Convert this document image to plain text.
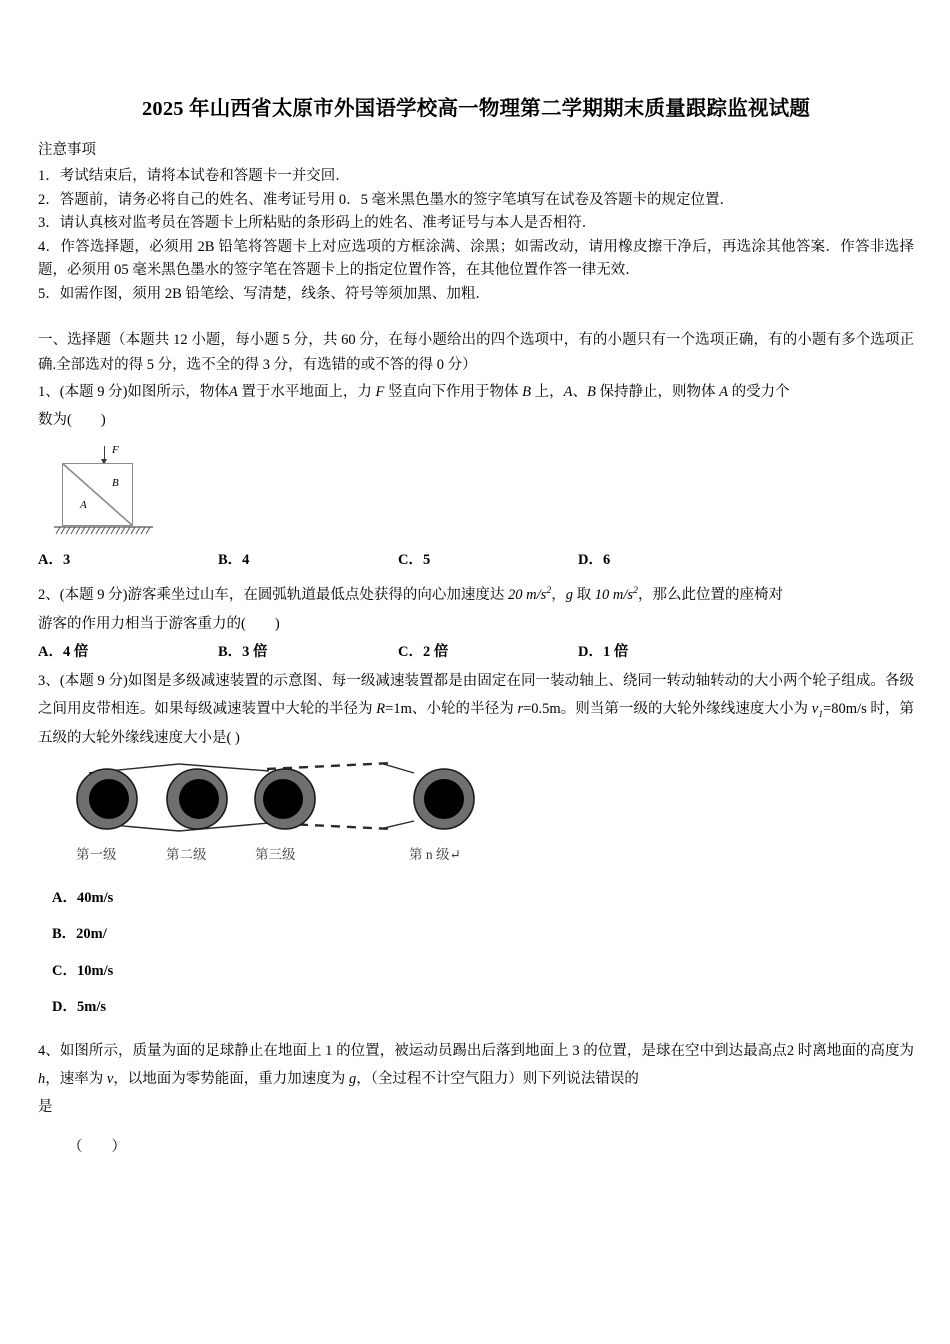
2025 年山西省太原市外国语学校高一物理第二学期期末质量跟踪监视试题
注意事项

1．考试结束后，请将本试卷和答题卡一并交回．

2．答题前，请务必将自己的姓名、准考证号用 0．5 毫米黑色墨水的签字笔填写在试卷及答题卡的规定位置．

3．请认真核对监考员在答题卡上所粘贴的条形码上的姓名、准考证号与本人是否相符．

4．作答选择题，必须用 2B 铅笔将答题卡上对应选项的方框涂满、涂黑；如需改动，请用橡皮擦干净后，再选涂其他答案．作答非选择题，必须用 05 毫米黑色墨水的签字笔在答题卡上的指定位置作答，在其他位置作答一律无效．

5．如需作图，须用 2B 铅笔绘、写清楚，线条、符号等须加黑、加粗．

一、选择题（本题共 12 小题，每小题 5 分，共 60 分，在每小题给出的四个选项中，有的小题只有一个选项正确，有的小题有多个选项正确.全部选对的得 5 分，选不全的得 3 分，有选错的或不答的得 0 分）

1、(本题 9 分)如图所示，物体A 置于水平地面上，力 F 竖直向下作用于物体 B 上，A、B 保持静止，则物体 A 的受力个

数为(　　)

F
A
B
A．3	B．4	C．5	D．6

2、(本题 9 分)游客乘坐过山车，在圆弧轨道最低点处获得的向心加速度达 20 $m/s^2$，g 取 10 $m/s^2$，那么此位置的座椅对

游客的作用力相当于游客重力的(　　)

A．4 倍	B．3 倍	C．2 倍	D．1 倍

3、(本题 9 分)如图是多级减速装置的示意图、每一级减速装置都是由固定在同一装动轴上、绕同一转动轴转动的大小两个轮子组成。各级之间用皮带相连。如果每级减速装置中大轮的半径为 R=1m、小轮的半径为 r=0.5m。则当第一级的大轮外缘线速度大小为 $v_1=80m/s$ 时，第五级的大轮外缘线速度大小是( )

第一级	第二级	第三级	第 n 级↵
A．40m/s
B．20m/
C．10m/s
D．5m/s

4、如图所示，质量为面的足球静止在地面上 1 的位置，被运动员踢出后落到地面上 3 的位置，是球在空中到达最高点2 时离地面的高度为 h，速率为 v，以地面为零势能面，重力加速度为 g，（全过程不计空气阻力）则下列说法错误的

是

（　　）
